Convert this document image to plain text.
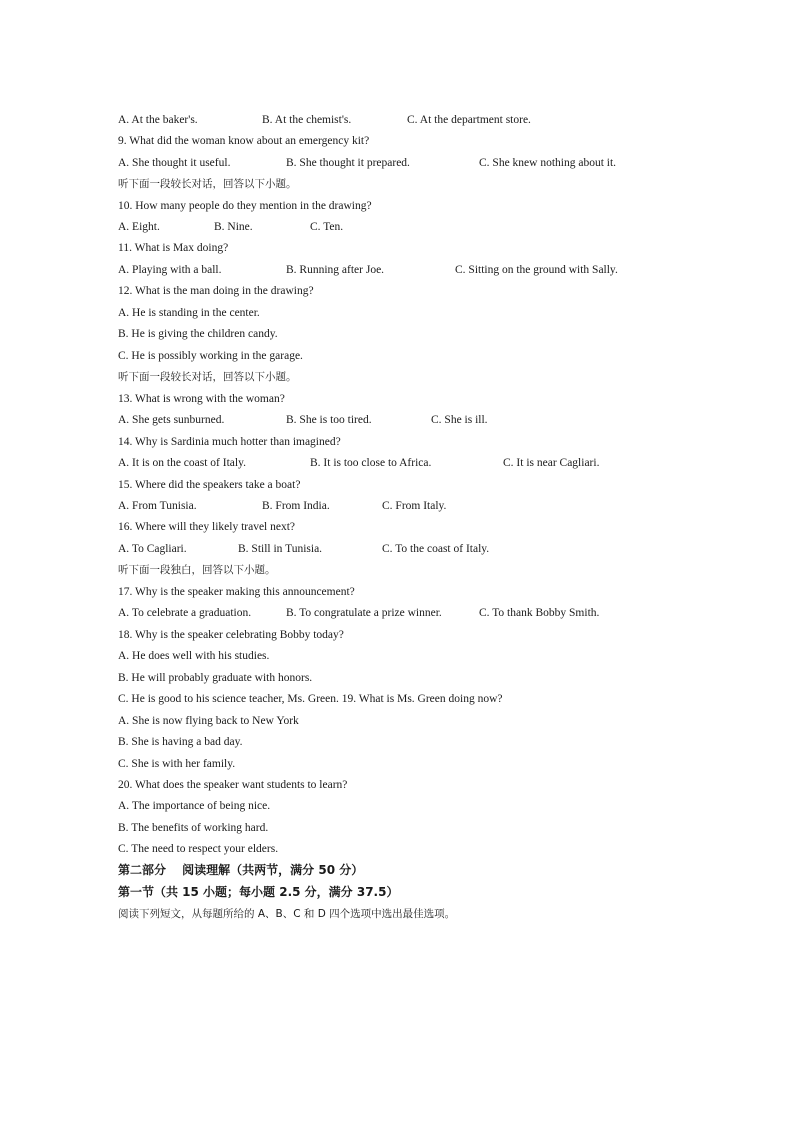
A. At the baker's.	B. At the chemist's.	C. At the department store.
9. What did the woman know about an emergency kit?
A. She thought it useful.	B. She thought it prepared.	C. She knew nothing about it.
听下面一段较长对话，回答以下小题。
10. How many people do they mention in the drawing?
A. Eight.	B. Nine.	C. Ten.
11. What is Max doing?
A. Playing with a ball.	B. Running after Joe.	C. Sitting on the ground with Sally.
12. What is the man doing in the drawing?
A. He is standing in the center.
B. He is giving the children candy.
C. He is possibly working in the garage.
听下面一段较长对话，回答以下小题。
13. What is wrong with the woman?
A. She gets sunburned.	B. She is too tired.	C. She is ill.
14. Why is Sardinia much hotter than imagined?
A. It is on the coast of Italy.	B. It is too close to Africa.	C. It is near Cagliari.
15. Where did the speakers take a boat?
A. From Tunisia.	B. From India.	C. From Italy.
16. Where will they likely travel next?
A. To Cagliari.	B. Still in Tunisia.	C. To the coast of Italy.
听下面一段独白，回答以下小题。
17. Why is the speaker making this announcement?
A. To celebrate a graduation.	B. To congratulate a prize winner.	C. To thank Bobby Smith.
18. Why is the speaker celebrating Bobby today?
A. He does well with his studies.
B. He will probably graduate with honors.
C. He is good to his science teacher, Ms. Green. 19. What is Ms. Green doing now?
A. She is now flying back to New York
B. She is having a bad day.
C. She is with her family.
20. What does the speaker want students to learn?
A. The importance of being nice.
B. The benefits of working hard.
C. The need to respect your elders.
第二部分　 阅读理解（共两节，满分 50 分）
第一节（共 15 小题；每小题 2.5 分，满分 37.5）
阅读下列短文，从每题所给的 A、B、C 和 D 四个选项中选出最佳选项。
